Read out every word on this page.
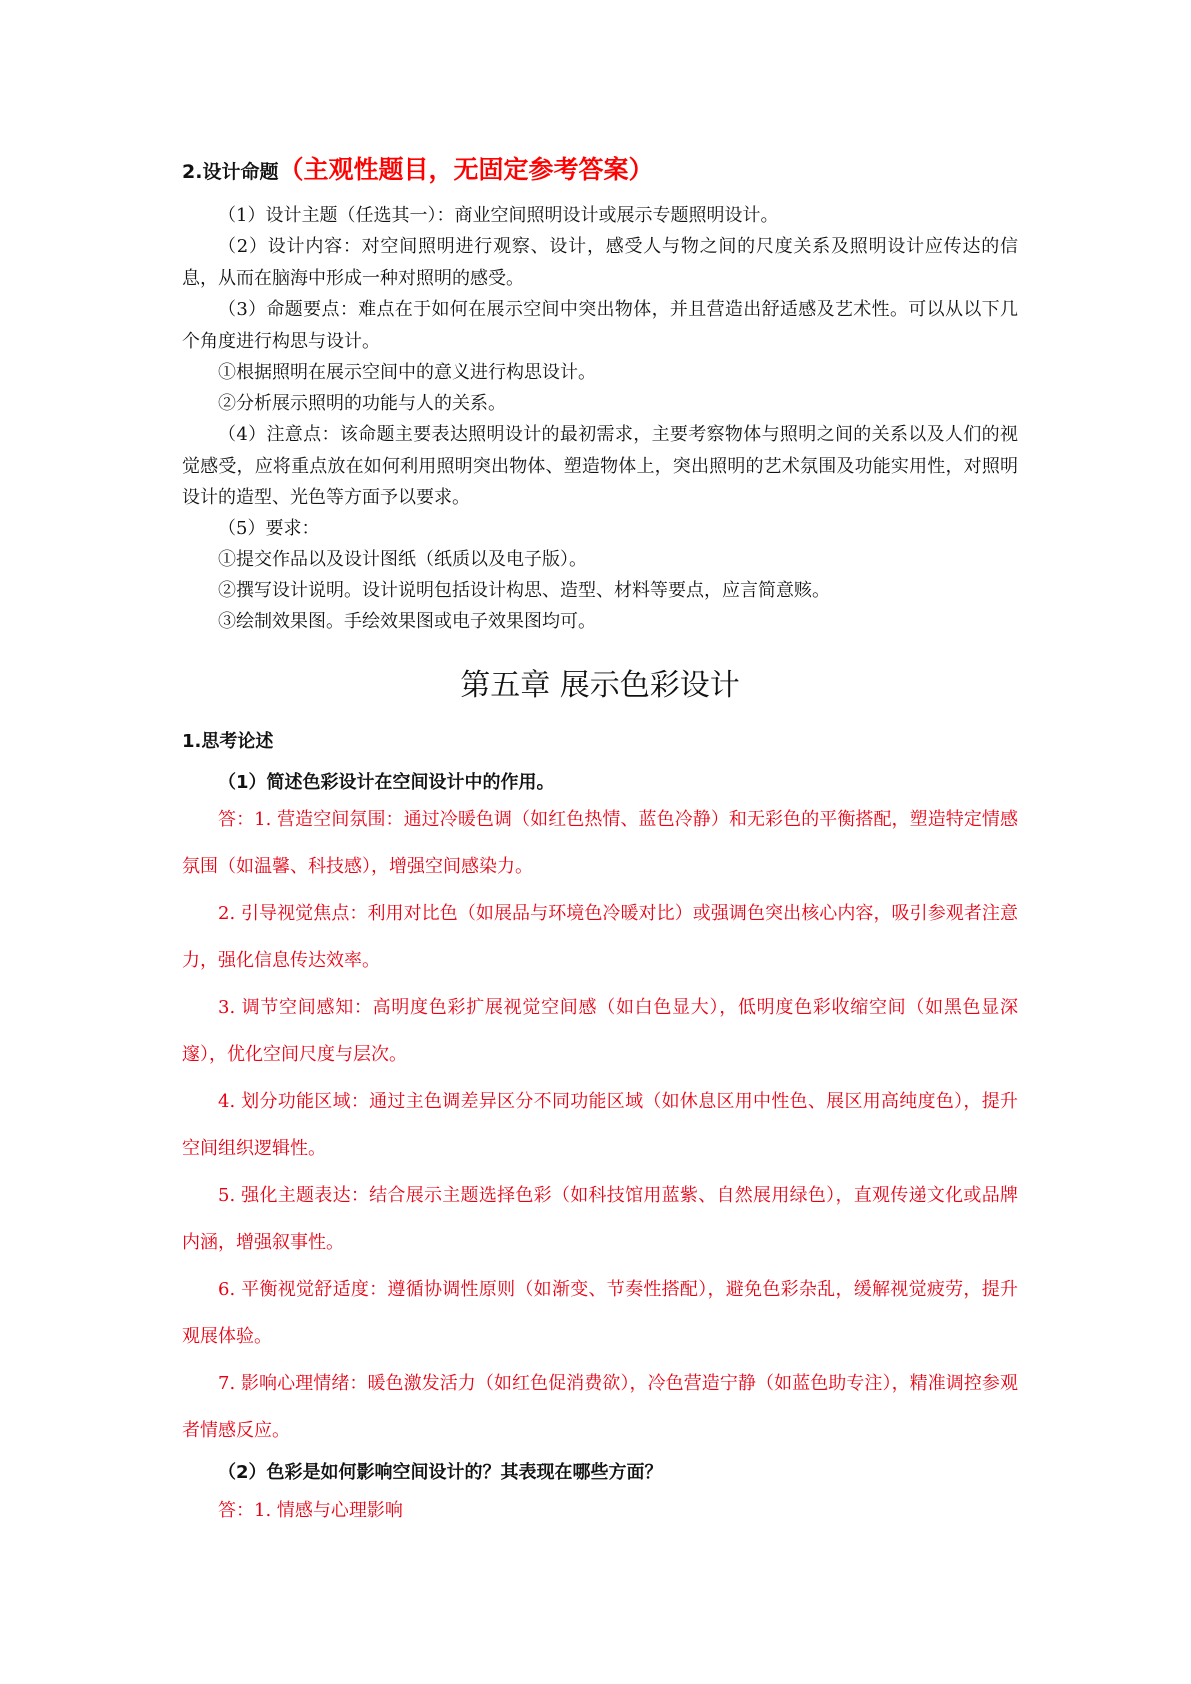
2.设计命题（主观性题目，无固定参考答案）

（1）设计主题（任选其一）：商业空间照明设计或展示专题照明设计。

（2）设计内容：对空间照明进行观察、设计，感受人与物之间的尺度关系及照明设计应传达的信息，从而在脑海中形成一种对照明的感受。

（3）命题要点：难点在于如何在展示空间中突出物体，并且营造出舒适感及艺术性。可以从以下几个角度进行构思与设计。

①根据照明在展示空间中的意义进行构思设计。

②分析展示照明的功能与人的关系。

（4）注意点：该命题主要表达照明设计的最初需求，主要考察物体与照明之间的关系以及人们的视觉感受，应将重点放在如何利用照明突出物体、塑造物体上，突出照明的艺术氛围及功能实用性，对照明设计的造型、光色等方面予以要求。

（5）要求：

①提交作品以及设计图纸（纸质以及电子版）。

②撰写设计说明。设计说明包括设计构思、造型、材料等要点，应言简意赅。

③绘制效果图。手绘效果图或电子效果图均可。

第五章 展示色彩设计

1.思考论述

（1）简述色彩设计在空间设计中的作用。

答：1. 营造空间氛围：通过冷暖色调（如红色热情、蓝色冷静）和无彩色的平衡搭配，塑造特定情感氛围（如温馨、科技感），增强空间感染力。

2. 引导视觉焦点：利用对比色（如展品与环境色冷暖对比）或强调色突出核心内容，吸引参观者注意力，强化信息传达效率。

3. 调节空间感知：高明度色彩扩展视觉空间感（如白色显大），低明度色彩收缩空间（如黑色显深邃），优化空间尺度与层次。

4. 划分功能区域：通过主色调差异区分不同功能区域（如休息区用中性色、展区用高纯度色），提升空间组织逻辑性。

5. 强化主题表达：结合展示主题选择色彩（如科技馆用蓝紫、自然展用绿色），直观传递文化或品牌内涵，增强叙事性。

6. 平衡视觉舒适度：遵循协调性原则（如渐变、节奏性搭配），避免色彩杂乱，缓解视觉疲劳，提升观展体验。

7. 影响心理情绪：暖色激发活力（如红色促消费欲），冷色营造宁静（如蓝色助专注），精准调控参观者情感反应。

（2）色彩是如何影响空间设计的？其表现在哪些方面？

答：1. 情感与心理影响
